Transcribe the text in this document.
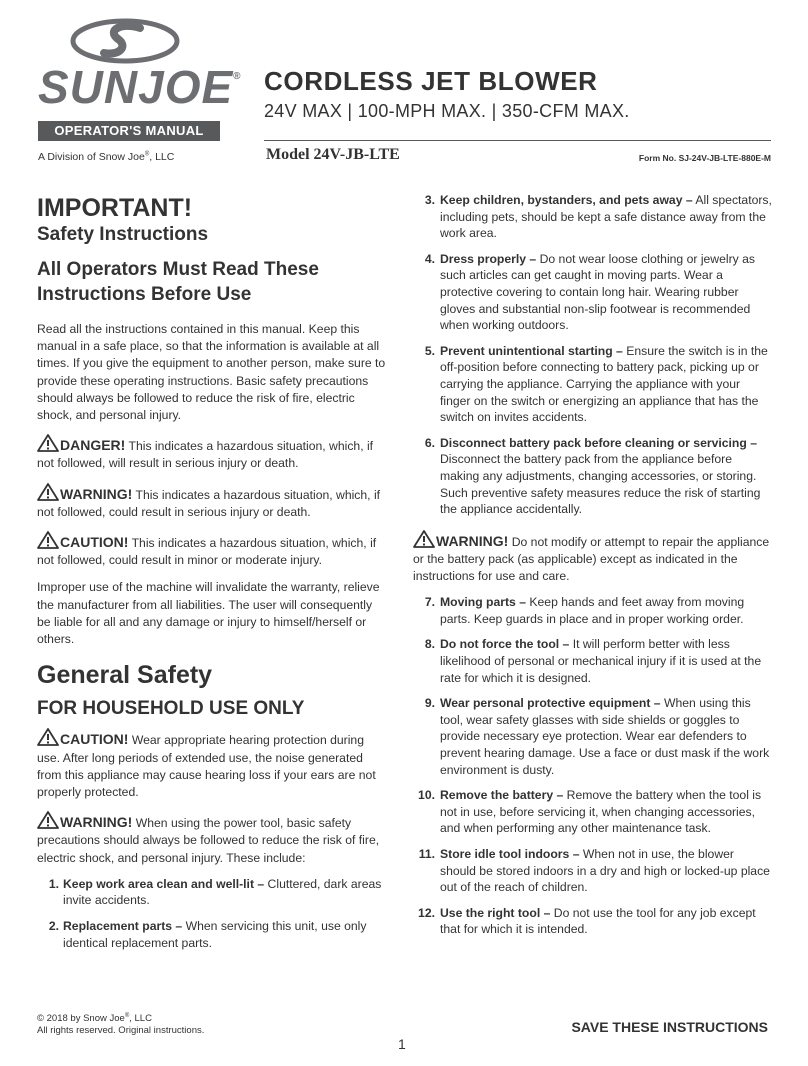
SUNJOE®
OPERATOR'S MANUAL
A Division of Snow Joe®, LLC
CORDLESS JET BLOWER
24V MAX | 100-MPH MAX. | 350-CFM MAX.
Model 24V-JB-LTE	Form No. SJ-24V-JB-LTE-880E-M
IMPORTANT!
Safety Instructions
All Operators Must Read These Instructions Before Use

Read all the instructions contained in this manual. Keep this manual in a safe place, so that the information is available at all times. If you give the equipment to another person, make sure to provide these operating instructions. Basic safety precautions should always be followed to reduce the risk of fire, electric shock, and personal injury.

DANGER! This indicates a hazardous situation, which, if not followed, will result in serious injury or death.

WARNING! This indicates a hazardous situation, which, if not followed, could result in serious injury or death.

CAUTION! This indicates a hazardous situation, which, if not followed, could result in minor or moderate injury.

Improper use of the machine will invalidate the warranty, relieve the manufacturer from all liabilities. The user will consequently be liable for all and any damage or injury to himself/herself or others.

General Safety
FOR HOUSEHOLD USE ONLY

CAUTION! Wear appropriate hearing protection during use. After long periods of extended use, the noise generated from this appliance may cause hearing loss if your ears are not properly protected.

WARNING! When using the power tool, basic safety precautions should always be followed to reduce the risk of fire, electric shock, and personal injury. These include:

1. Keep work area clean and well-lit – Cluttered, dark areas invite accidents.
2. Replacement parts – When servicing this unit, use only identical replacement parts.
3. Keep children, bystanders, and pets away – All spectators, including pets, should be kept a safe distance away from the work area.
4. Dress properly – Do not wear loose clothing or jewelry as such articles can get caught in moving parts. Wear a protective covering to contain long hair. Wearing rubber gloves and substantial non-slip footwear is recommended when working outdoors.
5. Prevent unintentional starting – Ensure the switch is in the off-position before connecting to battery pack, picking up or carrying the appliance. Carrying the appliance with your finger on the switch or energizing an appliance that has the switch on invites accidents.
6. Disconnect battery pack before cleaning or servicing – Disconnect the battery pack from the appliance before making any adjustments, changing accessories, or storing. Such preventive safety measures reduce the risk of starting the appliance accidentally.

WARNING! Do not modify or attempt to repair the appliance or the battery pack (as applicable) except as indicated in the instructions for use and care.

7. Moving parts – Keep hands and feet away from moving parts. Keep guards in place and in proper working order.
8. Do not force the tool – It will perform better with less likelihood of personal or mechanical injury if it is used at the rate for which it is designed.
9. Wear personal protective equipment – When using this tool, wear safety glasses with side shields or goggles to provide necessary eye protection. Wear ear defenders to prevent hearing damage. Use a face or dust mask if the work environment is dusty.
10. Remove the battery – Remove the battery when the tool is not in use, before servicing it, when changing accessories, and when performing any other maintenance task.
11. Store idle tool indoors – When not in use, the blower should be stored indoors in a dry and high or locked-up place out of the reach of children.
12. Use the right tool – Do not use the tool for any job except that for which it is intended.
© 2018 by Snow Joe®, LLC
All rights reserved. Original instructions.	SAVE THESE INSTRUCTIONS
1
